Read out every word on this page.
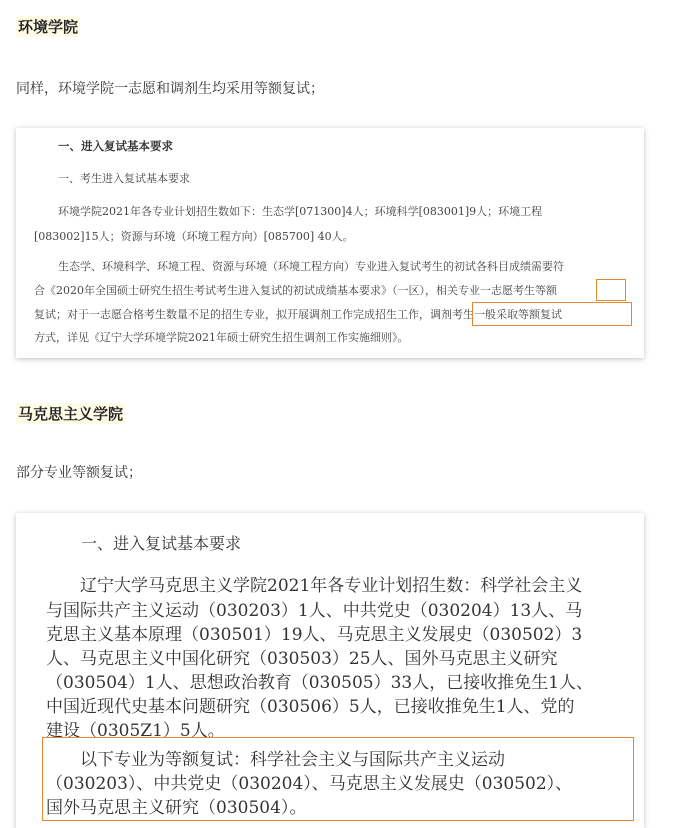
环境学院
同样，环境学院一志愿和调剂生均采用等额复试；
一、进入复试基本要求
一、考生进入复试基本要求
环境学院2021年各专业计划招生数如下：生态学[071300]4人；环境科学[083001]9人；环境工程
[083002]15人；资源与环境（环境工程方向）[085700] 40人。
生态学、环境科学、环境工程、资源与环境（环境工程方向）专业进入复试考生的初试各科目成绩需要符
合《2020年全国硕士研究生招生考试考生进入复试的初试成绩基本要求》（一区），相关专业一志愿考生等额
复试；对于一志愿合格考生数量不足的招生专业，拟开展调剂工作完成招生工作，调剂考生一般采取等额复试
方式，详见《辽宁大学环境学院2021年硕士研究生招生调剂工作实施细则》。
马克思主义学院
部分专业等额复试；
一、进入复试基本要求
辽宁大学马克思主义学院2021年各专业计划招生数：科学社会主义
与国际共产主义运动（030203）1人、中共党史（030204）13人、马
克思主义基本原理（030501）19人、马克思主义发展史（030502）3
人、马克思主义中国化研究（030503）25人、国外马克思主义研究
（030504）1人、思想政治教育（030505）33人，已接收推免生1人、
中国近现代史基本问题研究（030506）5人，已接收推免生1人、党的
建设（0305Z1）5人。
以下专业为等额复试：科学社会主义与国际共产主义运动
（030203）、中共党史（030204）、马克思主义发展史（030502）、
国外马克思主义研究（030504）。
